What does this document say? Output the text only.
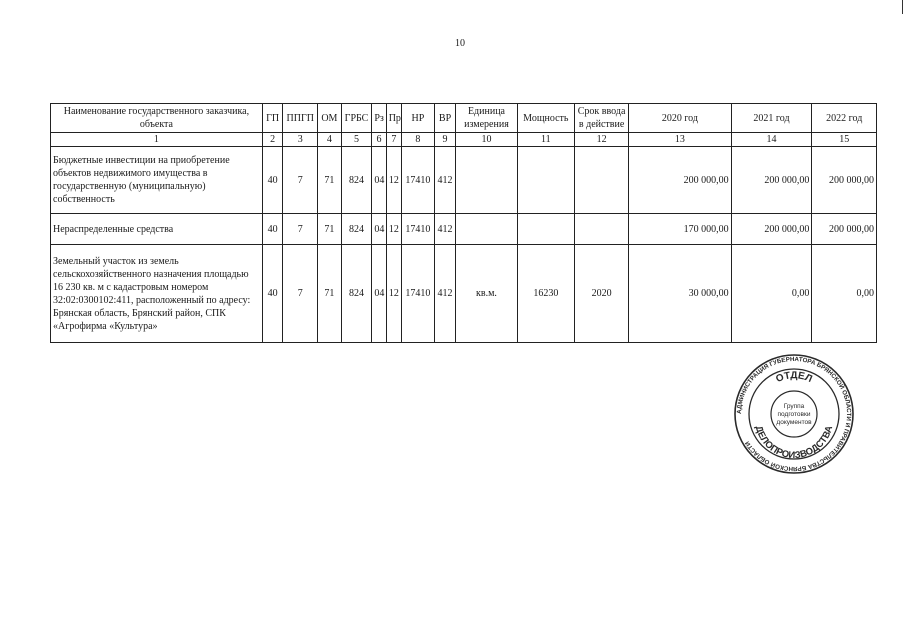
10
Наименование государственного заказчика, объекта	ГП	ППГП	ОМ	ГРБС	Рз	Пр	НР	ВР	Единица измерения	Мощность	Срок ввода в действие	2020 год	2021 год	2022 год
1	2	3	4	5	6	7	8	9	10	11	12	13	14	15
Бюджетные инвестиции на приобретение объектов недвижимого имущества в государственную (муниципальную) собственность	40	7	71	824	04	12	17410	412				200 000,00	200 000,00	200 000,00
Нераспределенные средства	40	7	71	824	04	12	17410	412				170 000,00	200 000,00	200 000,00
Земельный участок из земель сельскохозяйственного назначения площадью 16 230 кв. м с кадастровым номером 32:02:0300102:411, расположенный по адресу: Брянская область, Брянский район, СПК «Агрофирма «Культура»	40	7	71	824	04	12	17410	412	кв.м.	16230	2020	30 000,00	0,00	0,00
АДМИНИСТРАЦИЯ ГУБЕРНАТОРА БРЯНСКОЙ ОБЛАСТИ И ПРАВИТЕЛЬСТВА БРЯНСКОЙ ОБЛАСТИ
ОТДЕЛ
ДЕЛОПРОИЗВОДСТВА
Группа
подготовки
документов
